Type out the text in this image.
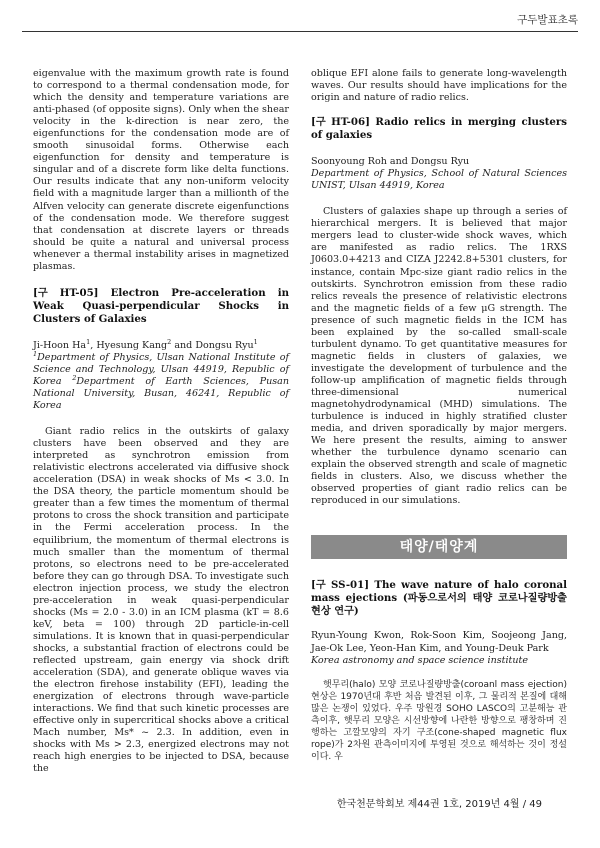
구두발표초록

eigenvalue with the maximum growth rate is found to correspond to a thermal condensation mode, for which the density and temperature variations are anti-phased (of opposite signs). Only when the shear velocity in the k-direction is near zero, the eigenfunctions for the condensation mode are of smooth sinusoidal forms. Otherwise each eigenfunction for density and temperature is singular and of a discrete form like delta functions. Our results indicate that any non-uniform velocity field with a magnitude larger than a millionth of the Alfven velocity can generate discrete eigenfunctions of the condensation mode. We therefore suggest that condensation at discrete layers or threads should be quite a natural and universal process whenever a thermal instability arises in magnetized plasmas.

[구 HT-05] Electron Pre-acceleration in Weak Quasi-perpendicular Shocks in Clusters of Galaxies

Ji-Hoon Ha$^1$, Hyesung Kang$^2$ and Dongsu Ryu$^1$

$^1$Department of Physics, Ulsan National Institute of Science and Technology, Ulsan 44919, Republic of Korea $^2$Department of Earth Sciences, Pusan National University, Busan, 46241, Republic of Korea

Giant radio relics in the outskirts of galaxy clusters have been observed and they are interpreted as synchrotron emission from relativistic electrons accelerated via diffusive shock acceleration (DSA) in weak shocks of Ms < 3.0. In the DSA theory, the particle momentum should be greater than a few times the momentum of thermal protons to cross the shock transition and participate in the Fermi acceleration process. In the equilibrium, the momentum of thermal electrons is much smaller than the momentum of thermal protons, so electrons need to be pre-accelerated before they can go through DSA. To investigate such electron injection process, we study the electron pre-acceleration in weak quasi-perpendicular shocks (Ms = 2.0 - 3.0) in an ICM plasma (kT = 8.6 keV, beta = 100) through 2D particle-in-cell simulations. It is known that in quasi-perpendicular shocks, a substantial fraction of electrons could be reflected upstream, gain energy via shock drift acceleration (SDA), and generate oblique waves via the electron firehose instability (EFI), leading the energization of electrons through wave-particle interactions. We find that such kinetic processes are effective only in supercritical shocks above a critical Mach number, Ms* ~ 2.3. In addition, even in shocks with Ms > 2.3, energized electrons may not reach high energies to be injected to DSA, because the

oblique EFI alone fails to generate long-wavelength waves. Our results should have implications for the origin and nature of radio relics.

[구 HT-06] Radio relics in merging clusters of galaxies

Soonyoung Roh and Dongsu Ryu

Department of Physics, School of Natural Sciences UNIST, Ulsan 44919, Korea

Clusters of galaxies shape up through a series of hierarchical mergers. It is believed that major mergers lead to cluster-wide shock waves, which are manifested as radio relics. The 1RXS J0603.0+4213 and CIZA J2242.8+5301 clusters, for instance, contain Mpc-size giant radio relics in the outskirts. Synchrotron emission from these radio relics reveals the presence of relativistic electrons and the magnetic fields of a few μG strength. The presence of such magnetic fields in the ICM has been explained by the so-called small-scale turbulent dynamo. To get quantitative measures for magnetic fields in clusters of galaxies, we investigate the development of turbulence and the follow-up amplification of magnetic fields through three-dimensional numerical magnetohydrodynamical (MHD) simulations. The turbulence is induced in highly stratified cluster media, and driven sporadically by major mergers. We here present the results, aiming to answer whether the turbulence dynamo scenario can explain the observed strength and scale of magnetic fields in clusters. Also, we discuss whether the observed properties of giant radio relics can be reproduced in our simulations.

태양/태양계

[구 SS-01] The wave nature of halo coronal mass ejections (파동으로서의 태양 코로나질량방출 현상 연구)

Ryun-Young Kwon, Rok-Soon Kim, Soojeong Jang, Jae-Ok Lee, Yeon-Han Kim, and Young-Deuk Park

Korea astronomy and space science institute

햇무리(halo) 모양 코로나질량방출(coroanl mass ejection) 현상은 1970년대 후반 처음 발견된 이후, 그 물리적 본질에 대해 많은 논쟁이 있었다. 우주 망원경 SOHO LASCO의 고분해능 관측이후, 햇무리 모양은 시선방향에 나란한 방향으로 팽창하며 진행하는 고깔모양의 자기 구조(cone-shaped magnetic flux rope)가 2차원 관측이미지에 투영된 것으로 해석하는 것이 정설이다. 우

한국천문학회보 제44권 1호, 2019년 4월 / 49
